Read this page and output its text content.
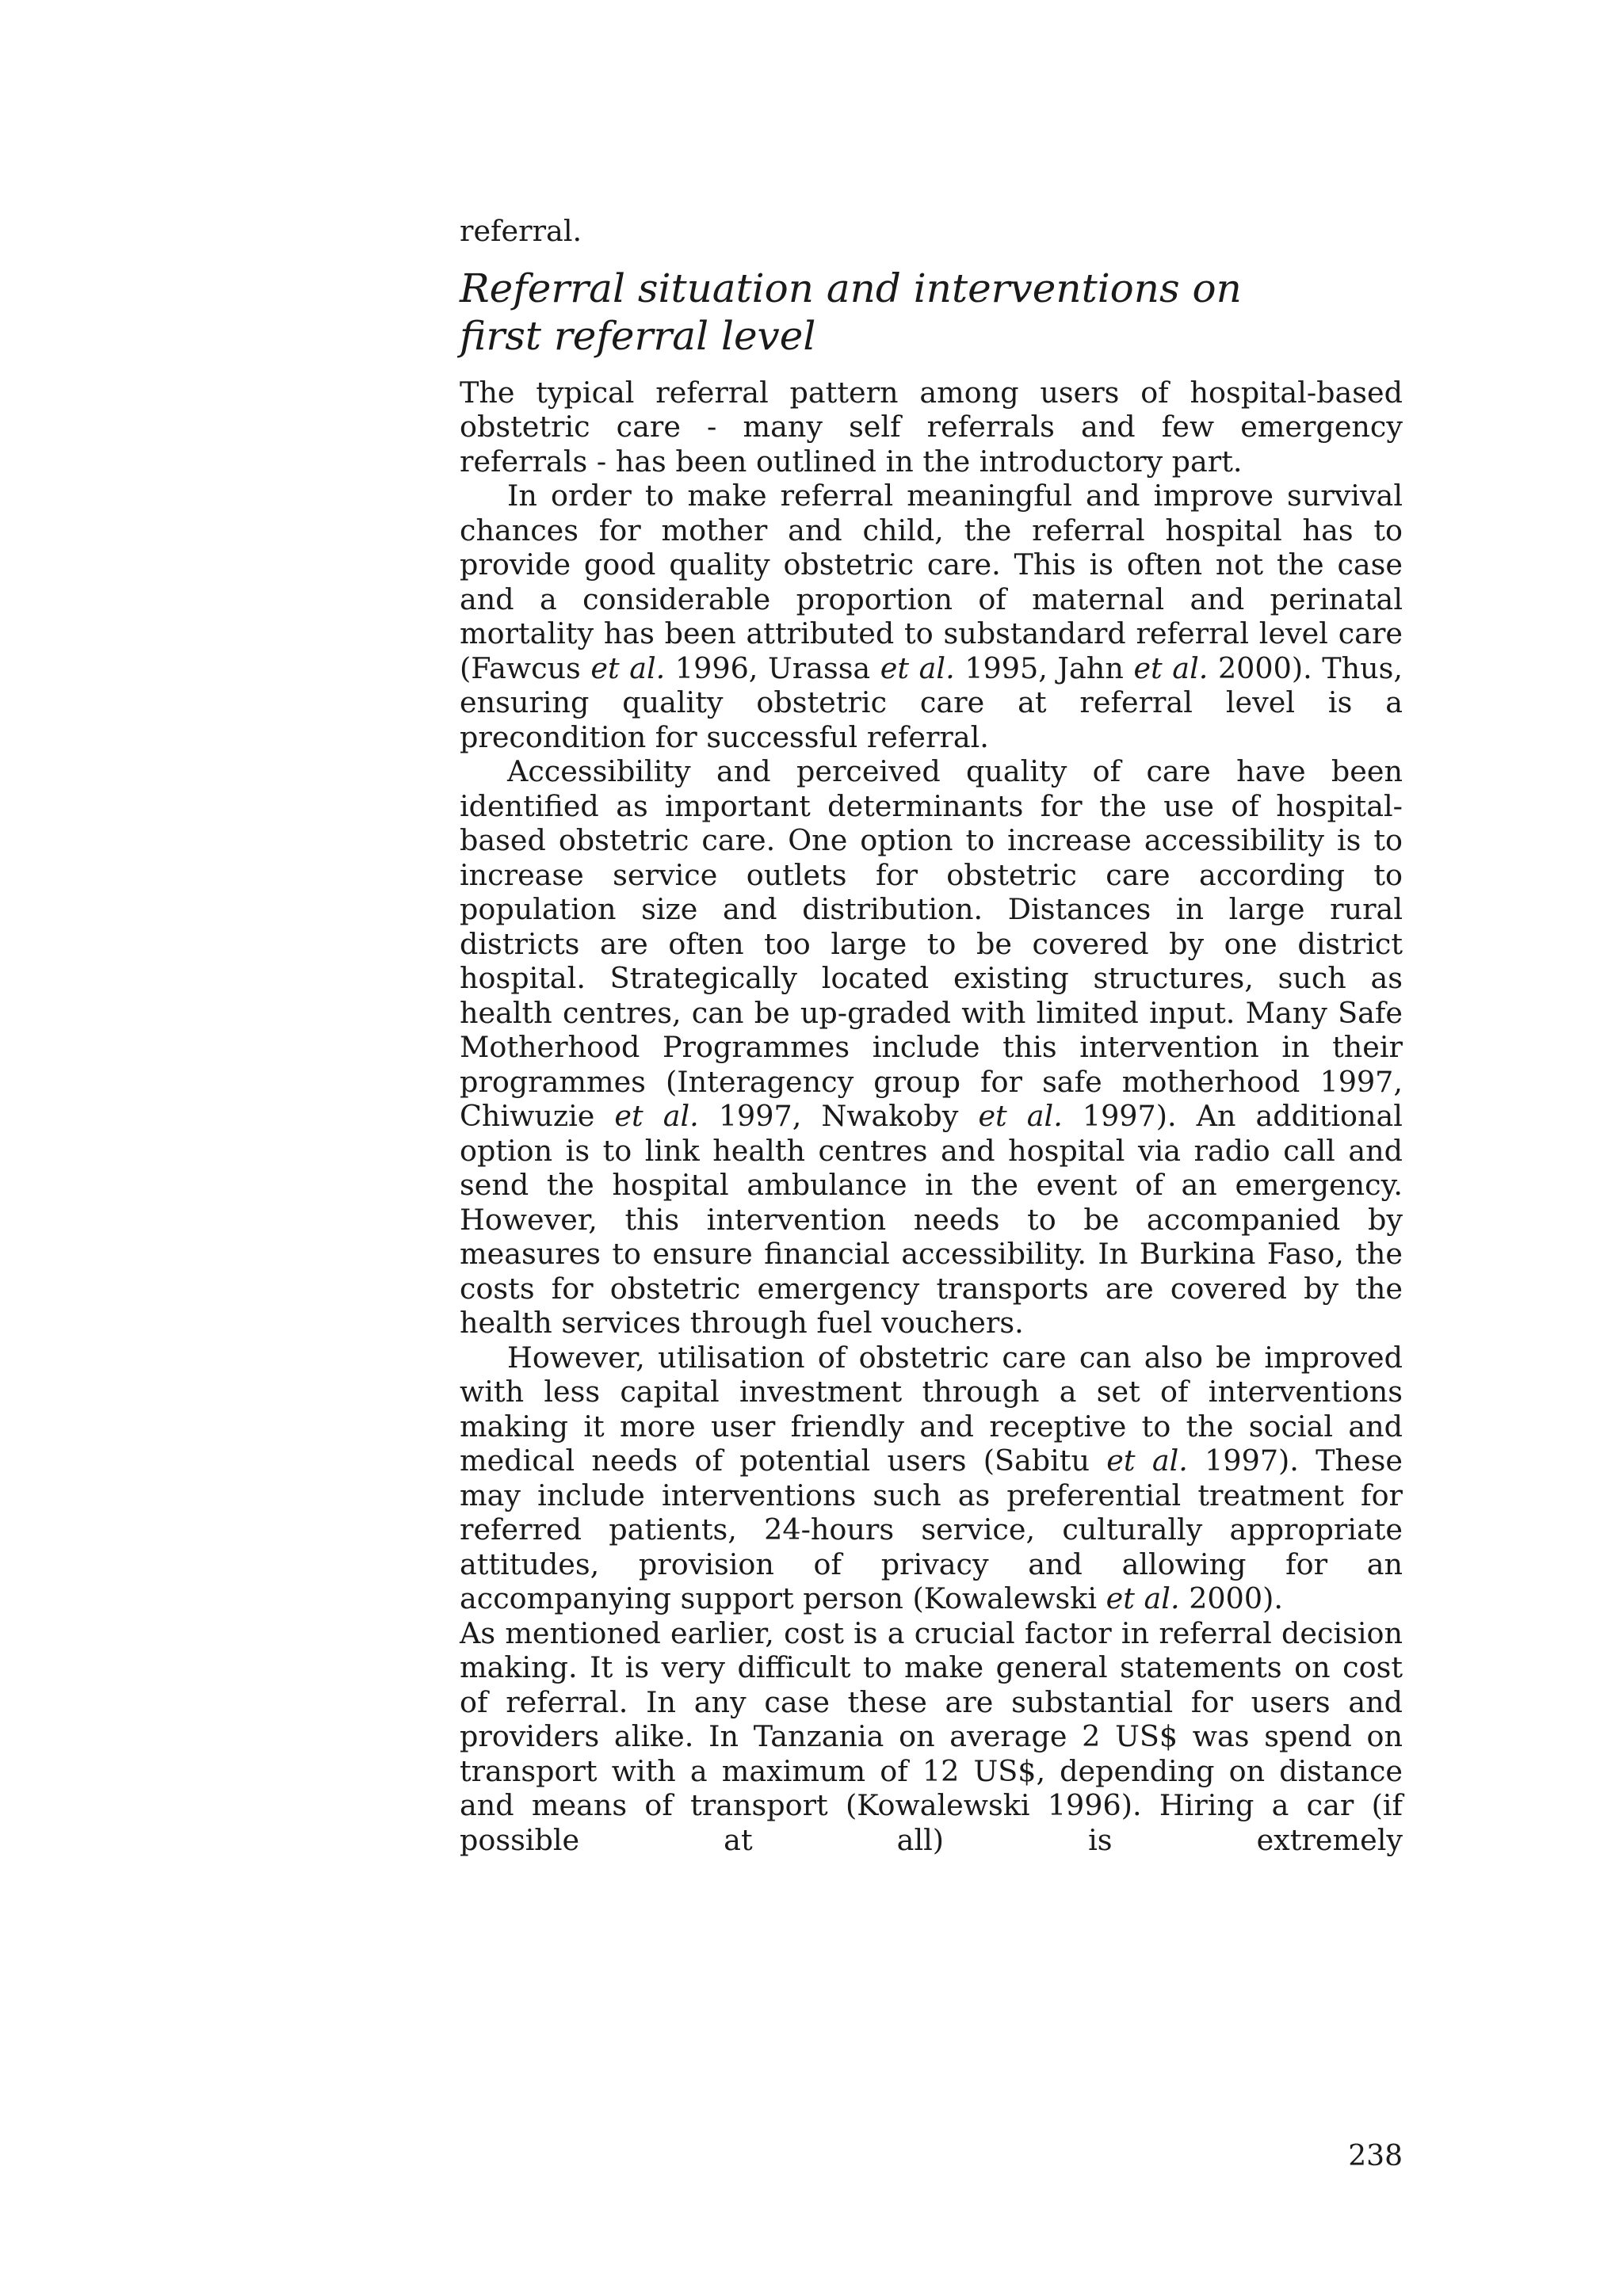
referral.

Referral situation and interventions on first referral level

The typical referral pattern among users of hospital-based obstetric care - many self referrals and few emergency referrals - has been outlined in the introductory part.

In order to make referral meaningful and improve survival chances for mother and child, the referral hospital has to provide good quality obstetric care. This is often not the case and a considerable proportion of maternal and perinatal mortality has been attributed to substandard referral level care (Fawcus et al. 1996, Urassa et al. 1995, Jahn et al. 2000). Thus, ensuring quality obstetric care at referral level is a precondition for successful referral.

Accessibility and perceived quality of care have been identified as important determinants for the use of hospital-based obstetric care. One option to increase accessibility is to increase service outlets for obstetric care according to population size and distribution. Distances in large rural districts are often too large to be covered by one district hospital. Strategically located existing structures, such as health centres, can be up-graded with limited input. Many Safe Motherhood Programmes include this intervention in their programmes (Interagency group for safe motherhood 1997, Chiwuzie et al. 1997, Nwakoby et al. 1997). An additional option is to link health centres and hospital via radio call and send the hospital ambulance in the event of an emergency. However, this intervention needs to be accompanied by measures to ensure financial accessibility. In Burkina Faso, the costs for obstetric emergency transports are covered by the health services through fuel vouchers.

However, utilisation of obstetric care can also be improved with less capital investment through a set of interventions making it more user friendly and receptive to the social and medical needs of potential users (Sabitu et al. 1997). These may include interventions such as preferential treatment for referred patients, 24-hours service, culturally appropriate attitudes, provision of privacy and allowing for an accompanying support person (Kowalewski et al. 2000).

As mentioned earlier, cost is a crucial factor in referral decision making. It is very difficult to make general statements on cost of referral. In any case these are substantial for users and providers alike. In Tanzania on average 2 US$ was spend on transport with a maximum of 12 US$, depending on distance and means of transport (Kowalewski 1996). Hiring a car (if possible at all) is extremely

238
